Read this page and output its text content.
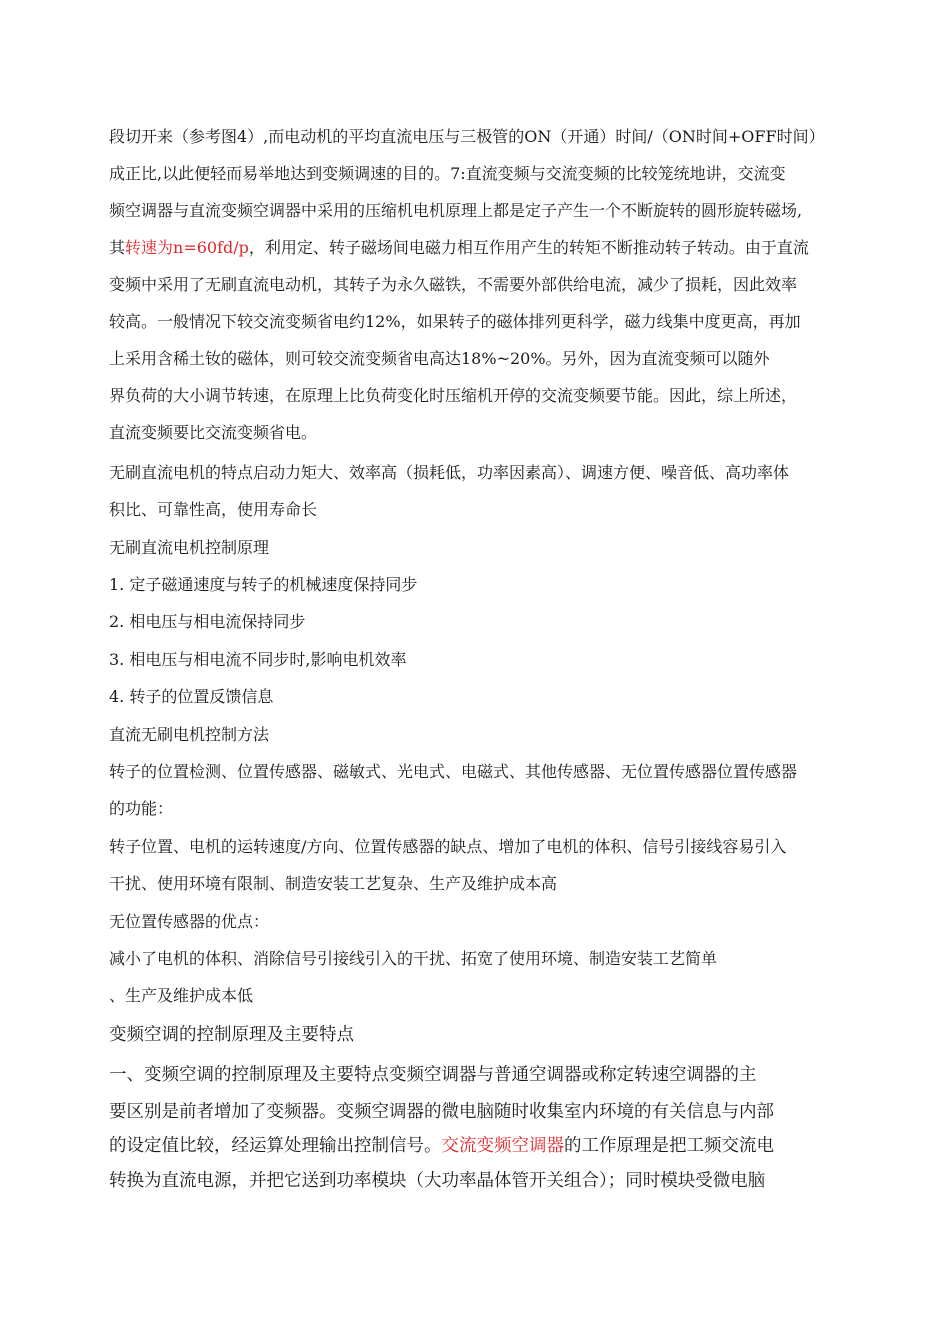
段切开来（参考图4）,而电动机的平均直流电压与三极管的ON（开通）时间/（ON时间+OFF时间）
成正比,以此便轻而易举地达到变频调速的目的。7:直流变频与交流变频的比较笼统地讲，交流变
频空调器与直流变频空调器中采用的压缩机电机原理上都是定子产生一个不断旋转的圆形旋转磁场,
其转速为n=60fd/p，利用定、转子磁场间电磁力相互作用产生的转矩不断推动转子转动。由于直流
变频中采用了无刷直流电动机，其转子为永久磁铁，不需要外部供给电流，减少了损耗，因此效率
较高。一般情况下较交流变频省电约12%，如果转子的磁体排列更科学，磁力线集中度更高，再加
上采用含稀土钕的磁体，则可较交流变频省电高达18%~20%。另外，因为直流变频可以随外
界负荷的大小调节转速，在原理上比负荷变化时压缩机开停的交流变频要节能。因此，综上所述，
直流变频要比交流变频省电。
无刷直流电机的特点启动力矩大、效率高（损耗低，功率因素高）、调速方便、噪音低、高功率体
积比、可靠性高，使用寿命长
无刷直流电机控制原理
1. 定子磁通速度与转子的机械速度保持同步
2. 相电压与相电流保持同步
3. 相电压与相电流不同步时,影响电机效率
4. 转子的位置反馈信息
直流无刷电机控制方法
转子的位置检测、位置传感器、磁敏式、光电式、电磁式、其他传感器、无位置传感器位置传感器
的功能：
转子位置、电机的运转速度/方向、位置传感器的缺点、增加了电机的体积、信号引接线容易引入
干扰、使用环境有限制、制造安装工艺复杂、生产及维护成本高
无位置传感器的优点：
减小了电机的体积、消除信号引接线引入的干扰、拓宽了使用环境、制造安装工艺简单
、生产及维护成本低
变频空调的控制原理及主要特点
一、变频空调的控制原理及主要特点变频空调器与普通空调器或称定转速空调器的主
要区别是前者增加了变频器。变频空调器的微电脑随时收集室内环境的有关信息与内部
的设定值比较，经运算处理输出控制信号。交流变频空调器的工作原理是把工频交流电
转换为直流电源，并把它送到功率模块（大功率晶体管开关组合）；同时模块受微电脑
